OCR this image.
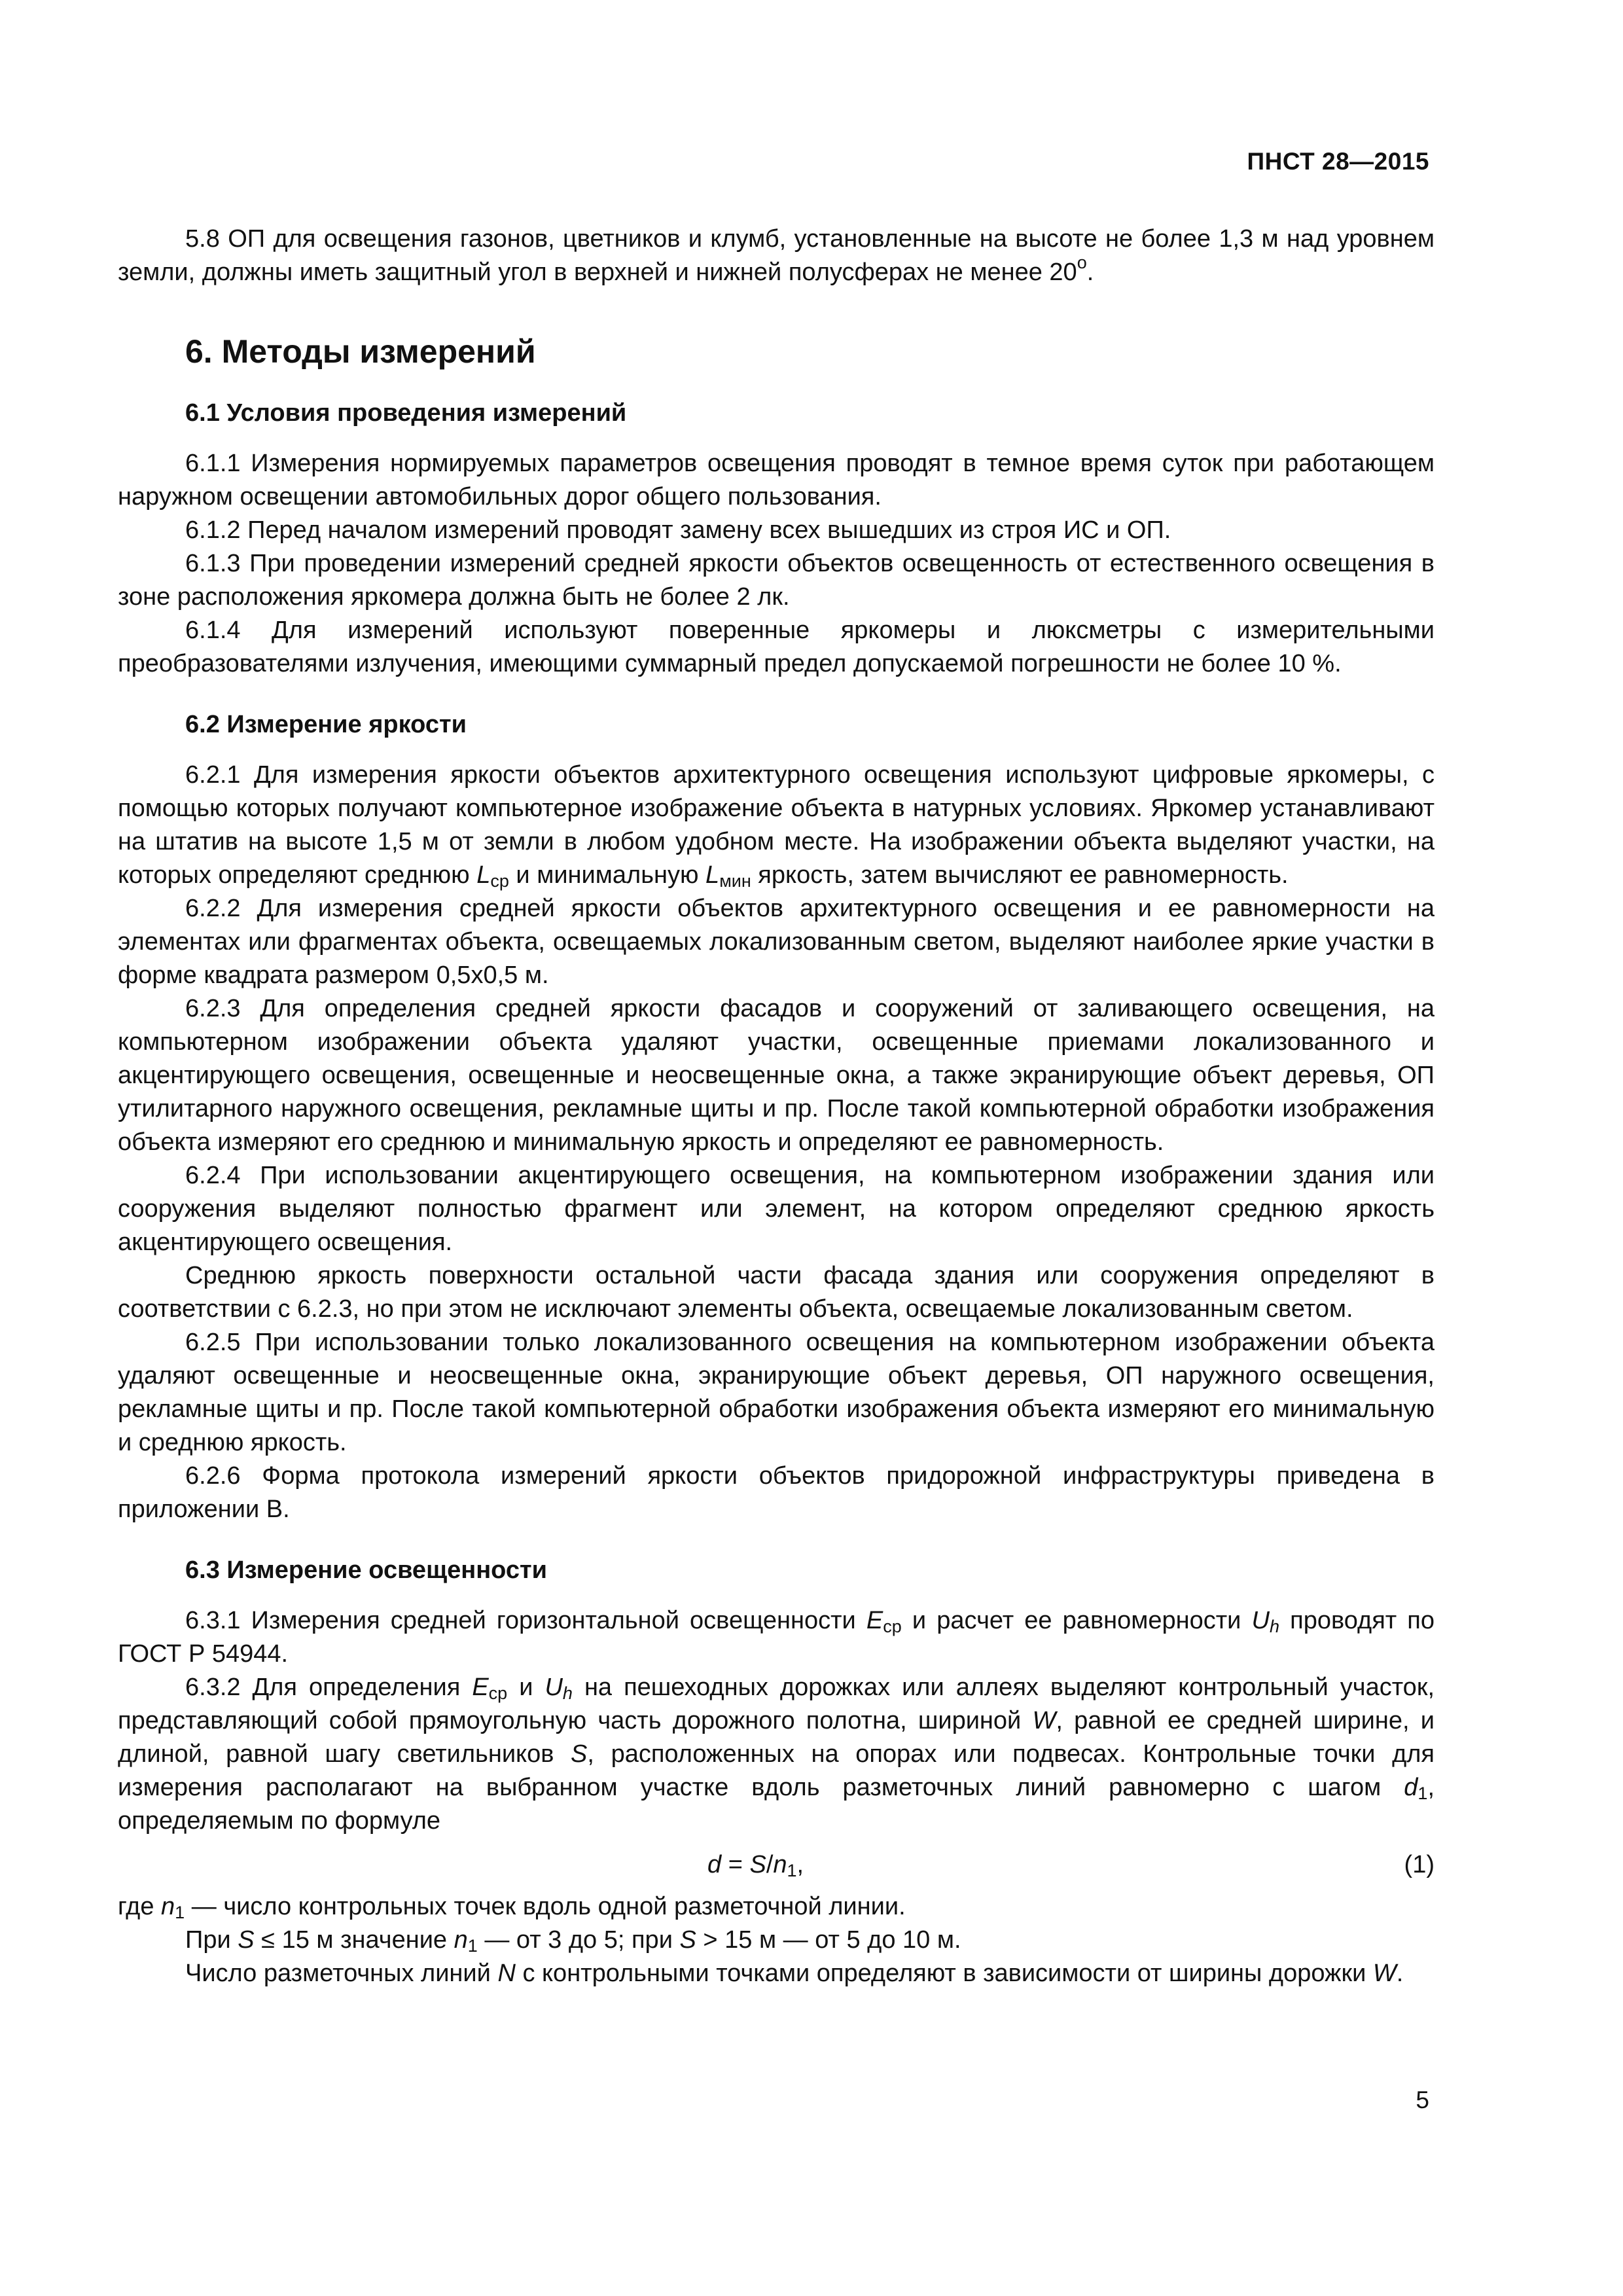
ПНСТ 28—2015

5.8 ОП для освещения газонов, цветников и клумб, установленные на высоте не более 1,3 м над уровнем земли, должны иметь защитный угол в верхней и нижней полусферах не менее $20^о$.

6. Методы измерений
6.1 Условия проведения измерений

6.1.1 Измерения нормируемых параметров освещения проводят в темное время суток при работающем наружном освещении автомобильных дорог общего пользования.

6.1.2 Перед началом измерений проводят замену всех вышедших из строя ИС и ОП.

6.1.3 При проведении измерений средней яркости объектов освещенность от естественного освещения в зоне расположения яркомера должна быть не более 2 лк.

6.1.4 Для измерений используют поверенные яркомеры и люксметры с измерительными преобразователями излучения, имеющими суммарный предел допускаемой погрешности не более 10 %.

6.2 Измерение яркости

6.2.1 Для измерения яркости объектов архитектурного освещения используют цифровые яркомеры, с помощью которых получают компьютерное изображение объекта в натурных условиях. Яркомер устанавливают на штатив на высоте 1,5 м от земли в любом удобном месте. На изображении объекта выделяют участки, на которых определяют среднюю $L_{ср}$ и минимальную $L_{мин}$ яркость, затем вычисляют ее равномерность.

6.2.2 Для измерения средней яркости объектов архитектурного освещения и ее равномерности на элементах или фрагментах объекта, освещаемых локализованным светом, выделяют наиболее яркие участки в форме квадрата размером 0,5х0,5 м.

6.2.3 Для определения средней яркости фасадов и сооружений от заливающего освещения, на компьютерном изображении объекта удаляют участки, освещенные приемами локализованного и акцентирующего освещения, освещенные и неосвещенные окна, а также экранирующие объект деревья, ОП утилитарного наружного освещения, рекламные щиты и пр. После такой компьютерной обработки изображения объекта измеряют его среднюю и минимальную яркость и определяют ее равномерность.

6.2.4 При использовании акцентирующего освещения, на компьютерном изображении здания или сооружения выделяют полностью фрагмент или элемент, на котором определяют среднюю яркость акцентирующего освещения.

Среднюю яркость поверхности остальной части фасада здания или сооружения определяют в соответствии с 6.2.3, но при этом не исключают элементы объекта, освещаемые локализованным светом.

6.2.5 При использовании только локализованного освещения на компьютерном изображении объекта удаляют освещенные и неосвещенные окна, экранирующие объект деревья, ОП наружного освещения, рекламные щиты и пр. После такой компьютерной обработки изображения объекта измеряют его минимальную и среднюю яркость.

6.2.6 Форма протокола измерений яркости объектов придорожной инфраструктуры приведена в приложении В.

6.3 Измерение освещенности

6.3.1 Измерения средней горизонтальной освещенности $E_{ср}$ и расчет ее равномерности $U_h$ проводят по ГОСТ Р 54944.

6.3.2 Для определения $E_{ср}$ и $U_h$ на пешеходных дорожках или аллеях выделяют контрольный участок, представляющий собой прямоугольную часть дорожного полотна, шириной W, равной ее средней ширине, и длиной, равной шагу светильников S, расположенных на опорах или подвесах. Контрольные точки для измерения располагают на выбранном участке вдоль разметочных линий равномерно с шагом $d_1$, определяемым по формуле

$d = S/n_1$,	(1)

где $n_1$ — число контрольных точек вдоль одной разметочной линии.

При S ≤ 15 м значение $n_1$ — от 3 до 5; при S > 15 м — от 5 до 10 м.

Число разметочных линий N с контрольными точками определяют в зависимости от ширины дорожки W.

5
